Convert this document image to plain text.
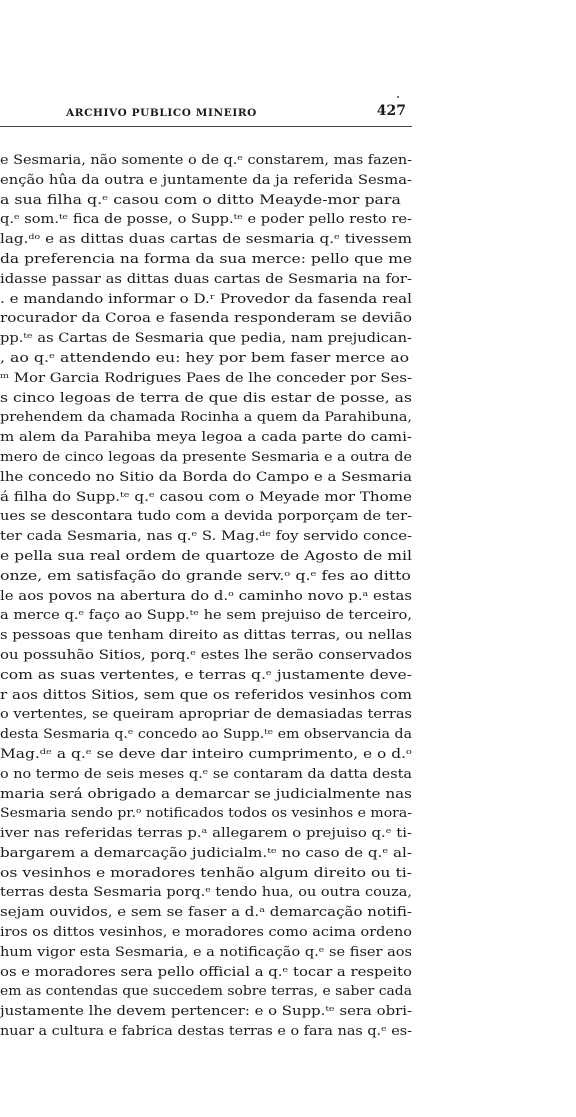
ARCHIVO PUBLICO MINEIRO	427
e Sesmaria, não somente o de q.ᵉ constarem, mas fazen-
enção hûa da outra e juntamente da ja referida Sesma-
a sua filha q.ᵉ casou com o ditto Meayde-mor para
q.ᵉ som.ᵗᵉ fica de posse, o Supp.ᵗᵉ e poder pello resto re-
lag.ᵈᵒ e as dittas duas cartas de sesmaria q.ᵉ tivessem
da preferencia na forma da sua merce: pello que me
idasse passar as dittas duas cartas de Sesmaria na for-
. e mandando informar o D.ʳ Provedor da fasenda real
rocurador da Coroa e fasenda responderam se devião
pp.ᵗᵉ as Cartas de Sesmaria que pedia, nam prejudican-
, ao q.ᵉ attendendo eu: hey por bem faser merce ao
ᵐ Mor Garcia Rodrigues Paes de lhe conceder por Ses-
s cinco legoas de terra de que dis estar de posse, as
prehendem da chamada Rocinha a quem da Parahibuna,
m alem da Parahiba meya legoa a cada parte do cami-
mero de cinco legoas da presente Sesmaria e a outra de
lhe concedo no Sitio da Borda do Campo e a Sesmaria
á filha do Supp.ᵗᵉ q.ᵉ casou com o Meyade mor Thome
ues se descontara tudo com a devida porporçam de ter-
ter cada Sesmaria, nas q.ᵉ S. Mag.ᵈᵉ foy servido conce-
e pella sua real ordem de quartoze de Agosto de mil
onze, em satisfação do grande serv.ᵒ q.ᵉ fes ao ditto
le aos povos na abertura do d.ᵒ caminho novo p.ᵃ estas
a merce q.ᵉ faço ao Supp.ᵗᵉ he sem prejuiso de terceiro,
s pessoas que tenham direito as dittas terras, ou nellas
ou possuhão Sitios, porq.ᵉ estes lhe serão conservados
com as suas vertentes, e terras q.ᵉ justamente deve-
r aos dittos Sitios, sem que os referidos vesinhos com
o vertentes, se queiram apropriar de demasiadas terras
desta Sesmaria q.ᵉ concedo ao Supp.ᵗᵉ em observancia da
Mag.ᵈᵉ a q.ᵉ se deve dar inteiro cumprimento, e o d.ᵒ
o no termo de seis meses q.ᵉ se contaram da datta desta
maria será obrigado a demarcar se judicialmente nas
Sesmaria sendo pr.ᵒ notificados todos os vesinhos e mora-
iver nas referidas terras p.ᵃ allegarem o prejuiso q.ᵉ ti-
bargarem a demarcação judicialm.ᵗᵉ no caso de q.ᵉ al-
os vesinhos e moradores tenhão algum direito ou ti-
terras desta Sesmaria porq.ᵉ tendo hua, ou outra couza,
sejam ouvidos, e sem se faser a d.ᵃ demarcação notifi-
iros os dittos vesinhos, e moradores como acima ordeno
hum vigor esta Sesmaria, e a notificação q.ᵉ se fiser aos
os e moradores sera pello official a q.ᵉ tocar a respeito
em as contendas que succedem sobre terras, e saber cada
justamente lhe devem pertencer: e o Supp.ᵗᵉ sera obri-
nuar a cultura e fabrica destas terras e o fara nas q.ᵉ es-
